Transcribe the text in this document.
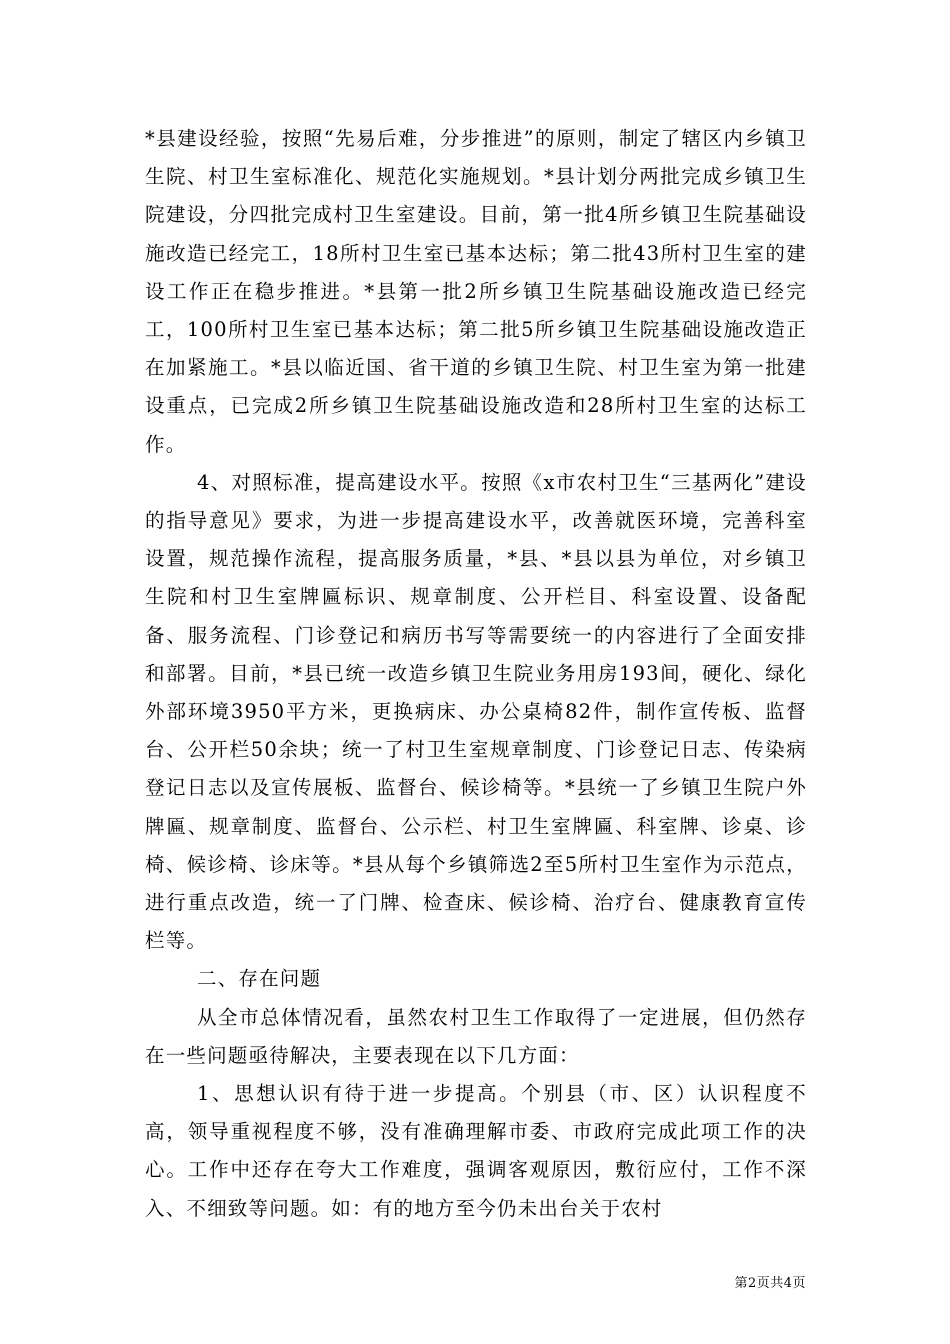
*县建设经验，按照“先易后难，分步推进”的原则，制定了辖区内乡镇卫生院、村卫生室标准化、规范化实施规划。*县计划分两批完成乡镇卫生院建设，分四批完成村卫生室建设。目前，第一批4所乡镇卫生院基础设施改造已经完工，18所村卫生室已基本达标；第二批43所村卫生室的建设工作正在稳步推进。*县第一批2所乡镇卫生院基础设施改造已经完工，100所村卫生室已基本达标；第二批5所乡镇卫生院基础设施改造正在加紧施工。*县以临近国、省干道的乡镇卫生院、村卫生室为第一批建设重点，已完成2所乡镇卫生院基础设施改造和28所村卫生室的达标工作。

4、对照标准，提高建设水平。按照《x市农村卫生“三基两化”建设的指导意见》要求，为进一步提高建设水平，改善就医环境，完善科室设置，规范操作流程，提高服务质量，*县、*县以县为单位，对乡镇卫生院和村卫生室牌匾标识、规章制度、公开栏目、科室设置、设备配备、服务流程、门诊登记和病历书写等需要统一的内容进行了全面安排和部署。目前，*县已统一改造乡镇卫生院业务用房193间，硬化、绿化外部环境3950平方米，更换病床、办公桌椅82件，制作宣传板、监督台、公开栏50余块；统一了村卫生室规章制度、门诊登记日志、传染病登记日志以及宣传展板、监督台、候诊椅等。*县统一了乡镇卫生院户外牌匾、规章制度、监督台、公示栏、村卫生室牌匾、科室牌、诊桌、诊椅、候诊椅、诊床等。*县从每个乡镇筛选2至5所村卫生室作为示范点，进行重点改造，统一了门牌、检查床、候诊椅、治疗台、健康教育宣传栏等。

二、存在问题

从全市总体情况看，虽然农村卫生工作取得了一定进展，但仍然存在一些问题亟待解决，主要表现在以下几方面：

1、思想认识有待于进一步提高。个别县（市、区）认识程度不高，领导重视程度不够，没有准确理解市委、市政府完成此项工作的决心。工作中还存在夸大工作难度，强调客观原因，敷衍应付，工作不深入、不细致等问题。如：有的地方至今仍未出台关于农村

第2页共4页
